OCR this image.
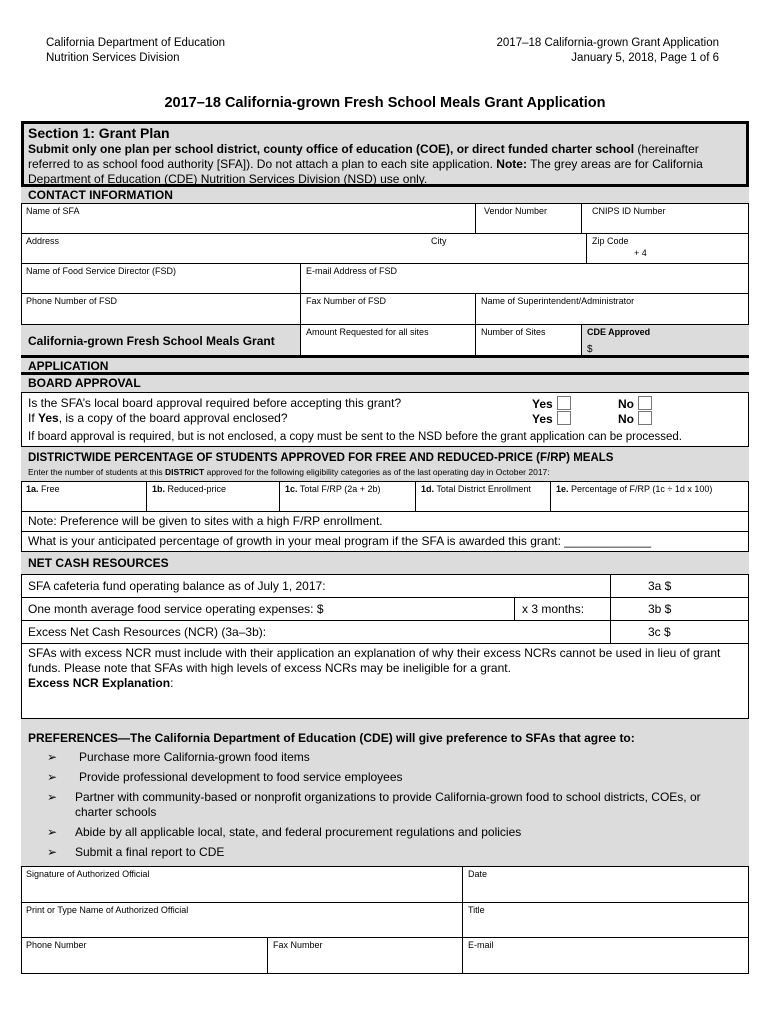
California Department of Education
Nutrition Services Division
2017–18 California-grown Grant Application
January 5, 2018, Page 1 of 6
2017–18 California-grown Fresh School Meals Grant Application
Section 1: Grant Plan
Submit only one plan per school district, county office of education (COE), or direct funded charter school (hereinafter referred to as school food authority [SFA]). Do not attach a plan to each site application. Note: The grey areas are for California Department of Education (CDE) Nutrition Services Division (NSD) use only.
CONTACT INFORMATION
Name of SFA	Vendor Number	CNIPS ID Number
Address	City	Zip Code
+ 4
Name of Food Service Director (FSD)	E-mail Address of FSD
Phone Number of FSD	Fax Number of FSD	Name of Superintendent/Administrator
California-grown Fresh School Meals Grant
Amount Requested for all sites	Number of Sites	CDE Approved
$
APPLICATION
BOARD APPROVAL
Is the SFA’s local board approval required before accepting this grant?
If Yes, is a copy of the board approval enclosed?
Yes	No
Yes	No
If board approval is required, but is not enclosed, a copy must be sent to the NSD before the grant application can be processed.
DISTRICTWIDE PERCENTAGE OF STUDENTS APPROVED FOR FREE AND REDUCED-PRICE (F/RP) MEALS
Enter the number of students at this DISTRICT approved for the following eligibility categories as of the last operating day in October 2017:
1a. Free	1b. Reduced-price	1c. Total F/RP (2a + 2b)	1d. Total District Enrollment	1e. Percentage of F/RP (1c ÷ 1d x 100)
Note: Preference will be given to sites with a high F/RP enrollment.
What is your anticipated percentage of growth in your meal program if the SFA is awarded this grant: _____________
NET CASH RESOURCES
SFA cafeteria fund operating balance as of July 1, 2017:	3a $
One month average food service operating expenses: $	x 3 months:	3b $
Excess Net Cash Resources (NCR) (3a–3b):	3c $
SFAs with excess NCR must include with their application an explanation of why their excess NCRs cannot be used in lieu of grant funds. Please note that SFAs with high levels of excess NCRs may be ineligible for a grant.
Excess NCR Explanation:
PREFERENCES—The California Department of Education (CDE) will give preference to SFAs that agree to:
➢ Purchase more California-grown food items
➢ Provide professional development to food service employees
➢ Partner with community-based or nonprofit organizations to provide California-grown food to school districts, COEs, or charter schools
➢ Abide by all applicable local, state, and federal procurement regulations and policies
➢ Submit a final report to CDE
Signature of Authorized Official	Date
Print or Type Name of Authorized Official	Title
Phone Number	Fax Number	E-mail
